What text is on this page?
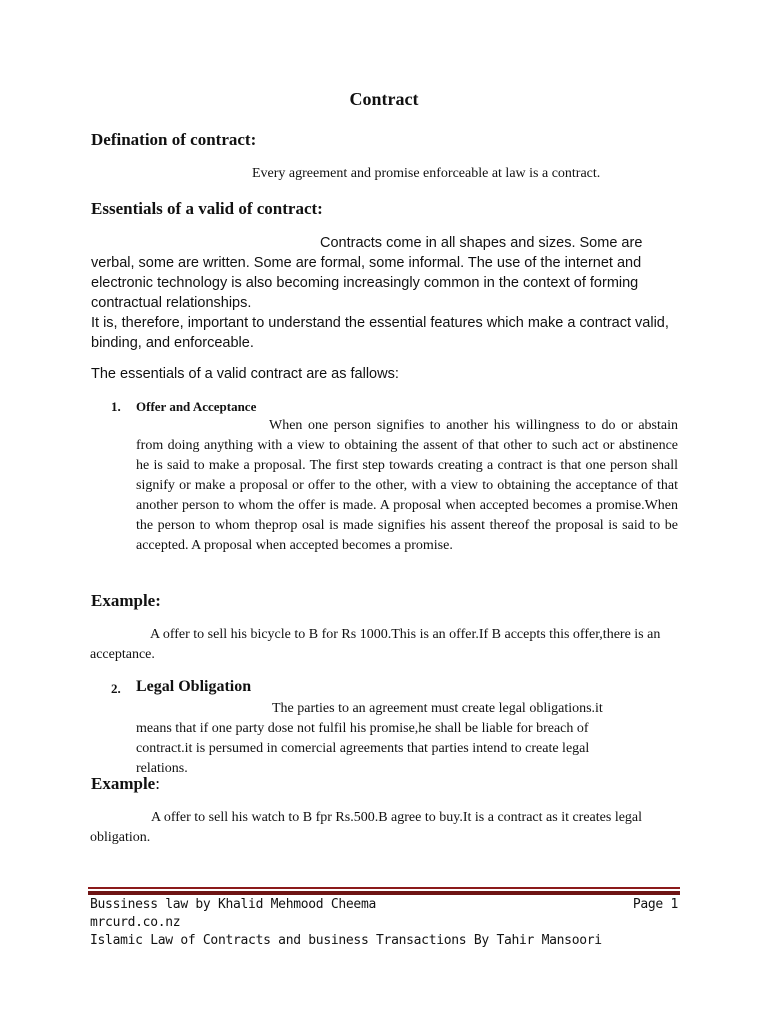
Contract
Defination of contract:
Every agreement and promise enforceable at law is a contract.
Essentials of a valid of contract:

Contracts come in all shapes and sizes. Some are

verbal, some are written. Some are formal, some informal. The use of the internet and electronic technology is also becoming increasingly common in the context of forming contractual relationships.

It is, therefore, important to understand the essential features which make a contract valid, binding, and enforceable.

The essentials of a valid contract are as fallows:
1. Offer and Acceptance
When one person signifies to another his willingness to do or abstain from doing anything with a view to obtaining the assent of that other to such act or abstinence he is said to make a proposal. The first step towards creating a contract is that one person shall signify or make a proposal or offer to the other, with a view to obtaining the acceptance of that another person to whom the offer is made. A proposal when accepted becomes a promise.When the person to whom theprop osal is made signifies his assent thereof the proposal is said to be accepted. A proposal when accepted becomes a promise.
Example:
A offer to sell his bicycle to B for Rs 1000.This is an offer.If B accepts this offer,there is an acceptance.
2. Legal Obligation
The parties to an agreement must create legal obligations.it means that if one party dose not fulfil his promise,he shall be liable for breach of contract.it is persumed in comercial agreements that parties intend to create legal relations.
Example:
A offer to sell his watch to B fpr Rs.500.B agree to buy.It is a contract as it creates legal obligation.
Bussiness law by Khalid Mehmood Cheema	Page 1
mrcurd.co.nz
Islamic Law of Contracts and business Transactions By Tahir Mansoori
